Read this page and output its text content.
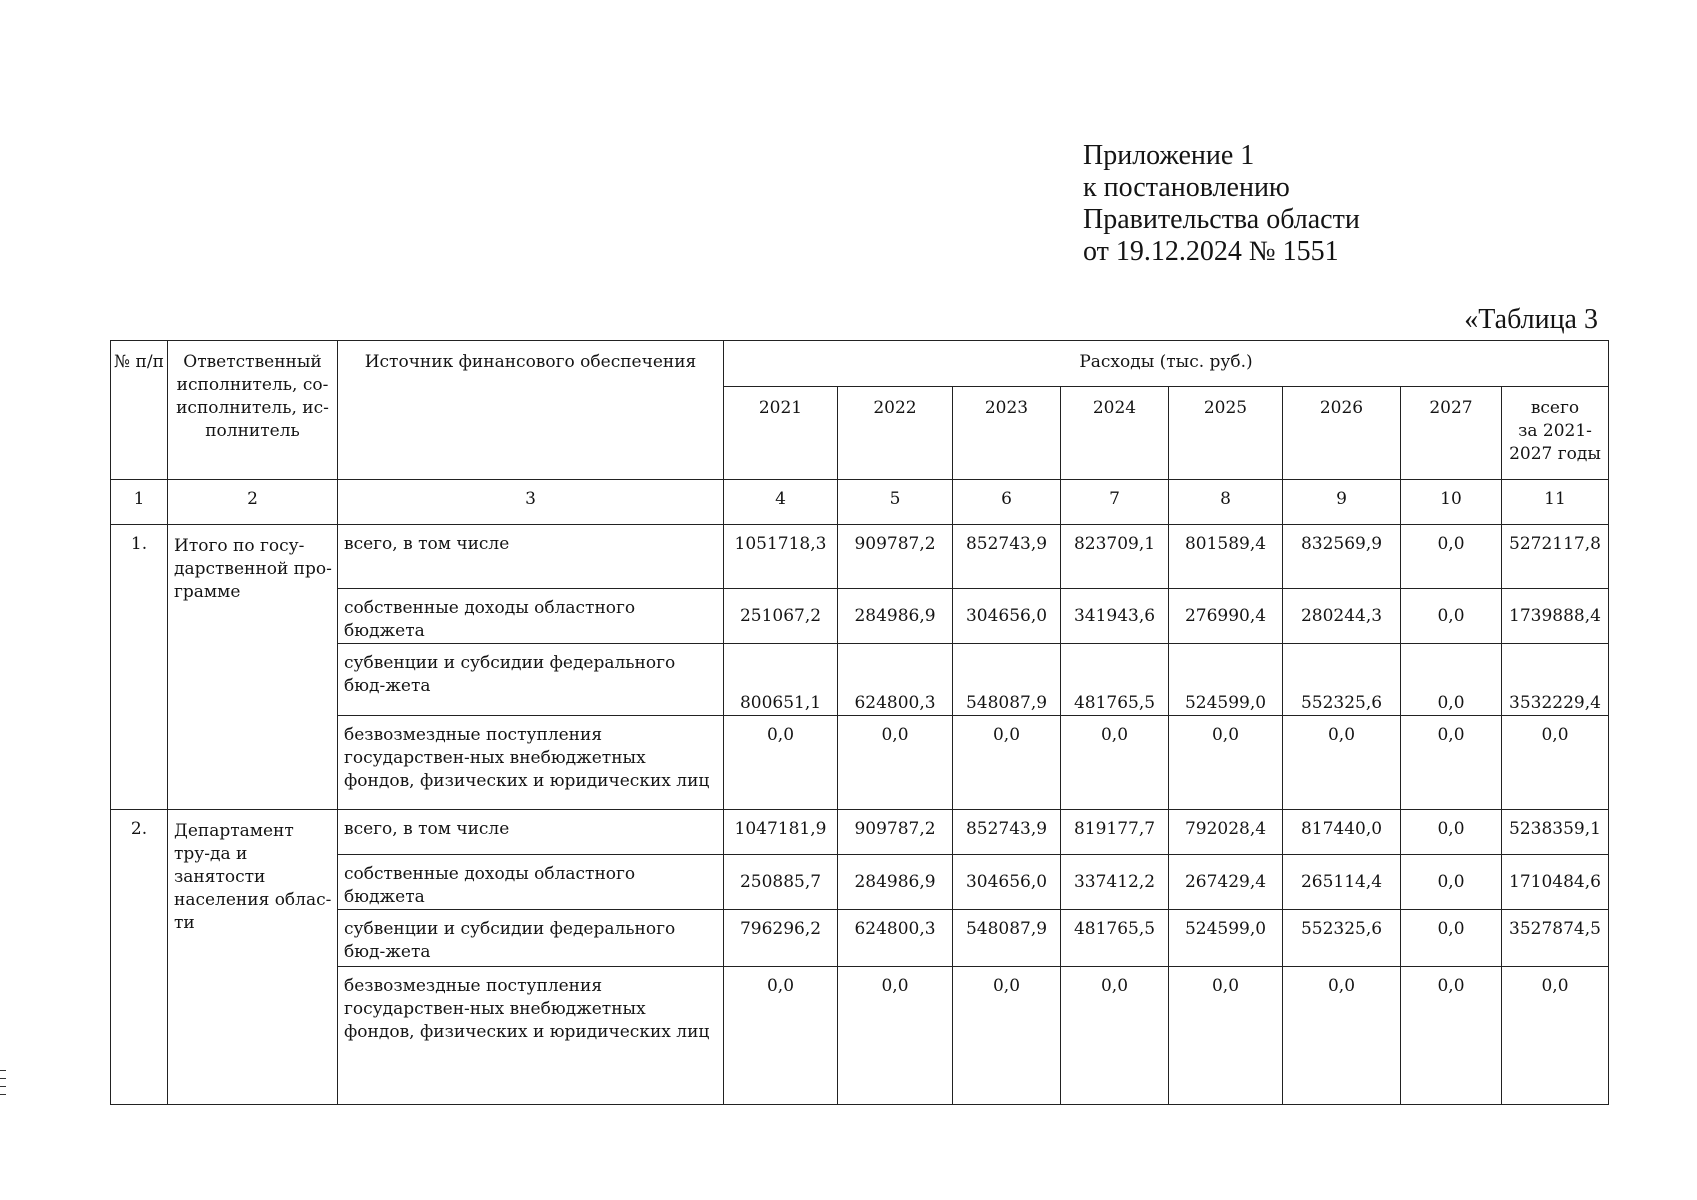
Приложение 1
к постановлению
Правительства области
от 19.12.2024 № 1551
«Таблица 3
№ п/п	Ответственный исполнитель, со-исполнитель, ис-полнитель	Источник финансового обеспечения	Расходы (тыс. руб.)							
			2021	2022	2023	2024	2025	2026	2027	всего
за 2021-
2027 годы

1	2	3	4	5	6	7	8	9	10	11
1.	Итого по госу-дарственной про-грамме	всего, в том числе	1051718,3	909787,2	852743,9	823709,1	801589,4	832569,9	0,0	5272117,8
		собственные доходы областного бюджета	251067,2	284986,9	304656,0	341943,6	276990,4	280244,3	0,0	1739888,4
		субвенции и субсидии федерального бюд-жета	800651,1	624800,3	548087,9	481765,5	524599,0	552325,6	0,0	3532229,4
		безвозмездные поступления государствен-ных внебюджетных фондов, физических и юридических лиц	0,0	0,0	0,0	0,0	0,0	0,0	0,0	0,0
2.	Департамент тру-да и занятости населения облас-ти	всего, в том числе	1047181,9	909787,2	852743,9	819177,7	792028,4	817440,0	0,0	5238359,1
		собственные доходы областного бюджета	250885,7	284986,9	304656,0	337412,2	267429,4	265114,4	0,0	1710484,6
		субвенции и субсидии федерального бюд-жета	796296,2	624800,3	548087,9	481765,5	524599,0	552325,6	0,0	3527874,5
		безвозмездные поступления государствен-ных внебюджетных фондов, физических и юридических лиц	0,0	0,0	0,0	0,0	0,0	0,0	0,0	0,0
